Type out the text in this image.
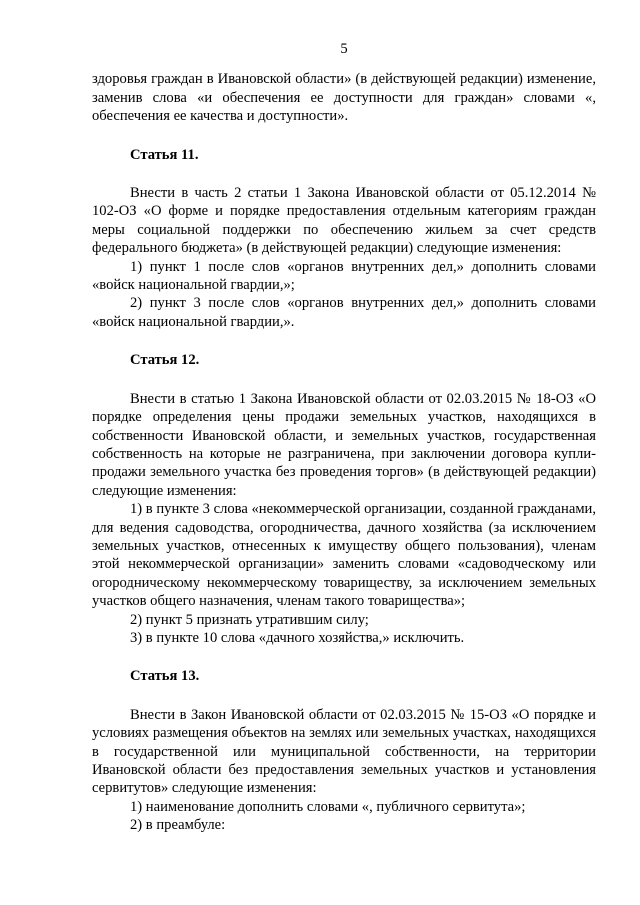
5

здоровья граждан в Ивановской области» (в действующей редакции) изменение, заменив слова «и обеспечения ее доступности для граждан» словами «, обеспечения ее качества и доступности».

Статья 11.

Внести в часть 2 статьи 1 Закона Ивановской области от 05.12.2014 № 102-ОЗ «О форме и порядке предоставления отдельным категориям граждан меры социальной поддержки по обеспечению жильем за счет средств федерального бюджета» (в действующей редакции) следующие изменения:

1) пункт 1 после слов «органов внутренних дел,» дополнить словами «войск национальной гвардии,»;

2) пункт 3 после слов «органов внутренних дел,» дополнить словами «войск национальной гвардии,».

Статья 12.

Внести в статью 1 Закона Ивановской области от 02.03.2015 № 18-ОЗ «О порядке определения цены продажи земельных участков, находящихся в собственности Ивановской области, и земельных участков, государственная собственность на которые не разграничена, при заключении договора купли-продажи земельного участка без проведения торгов» (в действующей редакции) следующие изменения:

1) в пункте 3 слова «некоммерческой организации, созданной гражданами, для ведения садоводства, огородничества, дачного хозяйства (за исключением земельных участков, отнесенных к имуществу общего пользования), членам этой некоммерческой организации» заменить словами «садоводческому или огородническому некоммерческому товариществу, за исключением земельных участков общего назначения, членам такого товарищества»;

2) пункт 5 признать утратившим силу;

3) в пункте 10 слова «дачного хозяйства,» исключить.

Статья 13.

Внести в Закон Ивановской области от 02.03.2015 № 15-ОЗ «О порядке и условиях размещения объектов на землях или земельных участках, находящихся в государственной или муниципальной собственности, на территории Ивановской области без предоставления земельных участков и установления сервитутов» следующие изменения:

1) наименование дополнить словами «, публичного сервитута»;

2) в преамбуле:
